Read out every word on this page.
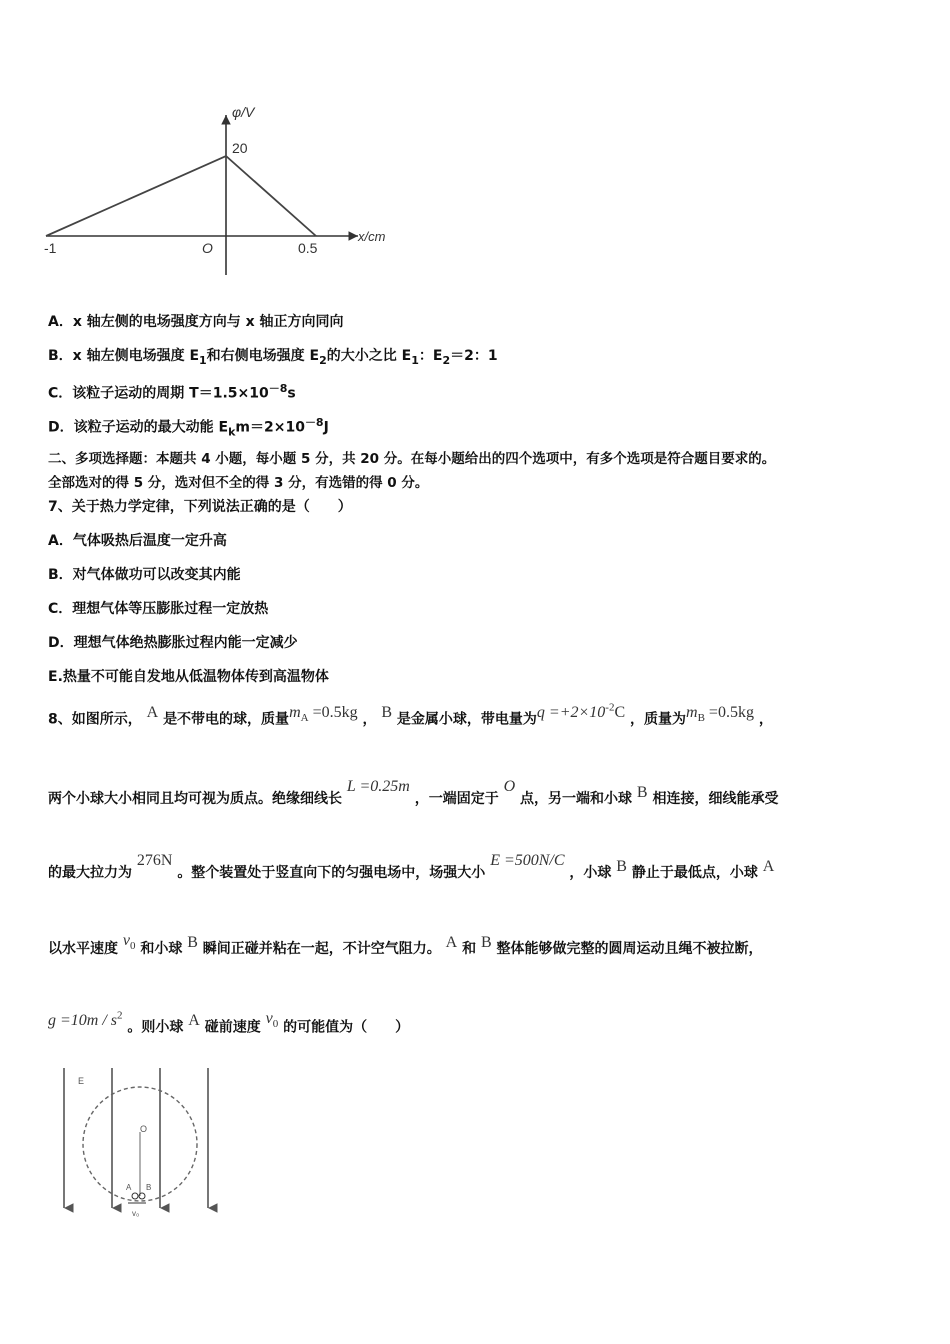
φ/V
x/cm
20
-1	O	0.5
A．x 轴左侧的电场强度方向与 x 轴正方向同向
B．x 轴左侧电场强度 $E_1$和右侧电场强度 $E_2$的大小之比 $E_1$：$E_2=2$：1
C．该粒子运动的周期 $T=1.5\times 10^{-8}s$
D．该粒子运动的最大动能 $E_km=2\times 10^{-8}J$
二、多项选择题：本题共 4 小题，每小题 5 分，共 20 分。在每小题给出的四个选项中，有多个选项是符合题目要求的。
全部选对的得 5 分，选对但不全的得 3 分，有选错的得 0 分。
7、关于热力学定律，下列说法正确的是（　　）
A．气体吸热后温度一定升高
B．对气体做功可以改变其内能
C．理想气体等压膨胀过程一定放热
D．理想气体绝热膨胀过程内能一定减少
E.热量不可能自发地从低温物体传到高温物体
8、如图所示， A 是不带电的球，质量$m_A =0.5kg$ ， B 是金属小球，带电量为$q =+2\times 10^{-2}C$ ，质量为$m_B =0.5kg$ ，
两个小球大小相同且均可视为质点。绝缘细线长 L =0.25m ，一端固定于 O 点，另一端和小球 B 相连接，细线能承受
的最大拉力为 276N 。整个装置处于竖直向下的匀强电场中，场强大小 E =500N/C ，小球 B 静止于最低点，小球 A
以水平速度 $v_0$ 和小球 B 瞬间正碰并粘在一起，不计空气阻力。 A 和 B 整体能够做完整的圆周运动且绳不被拉断，
$g =10m / s^2$ 。则小球 A 碰前速度 $v_0$ 的可能值为（　　）
E
O
A B
v₀
